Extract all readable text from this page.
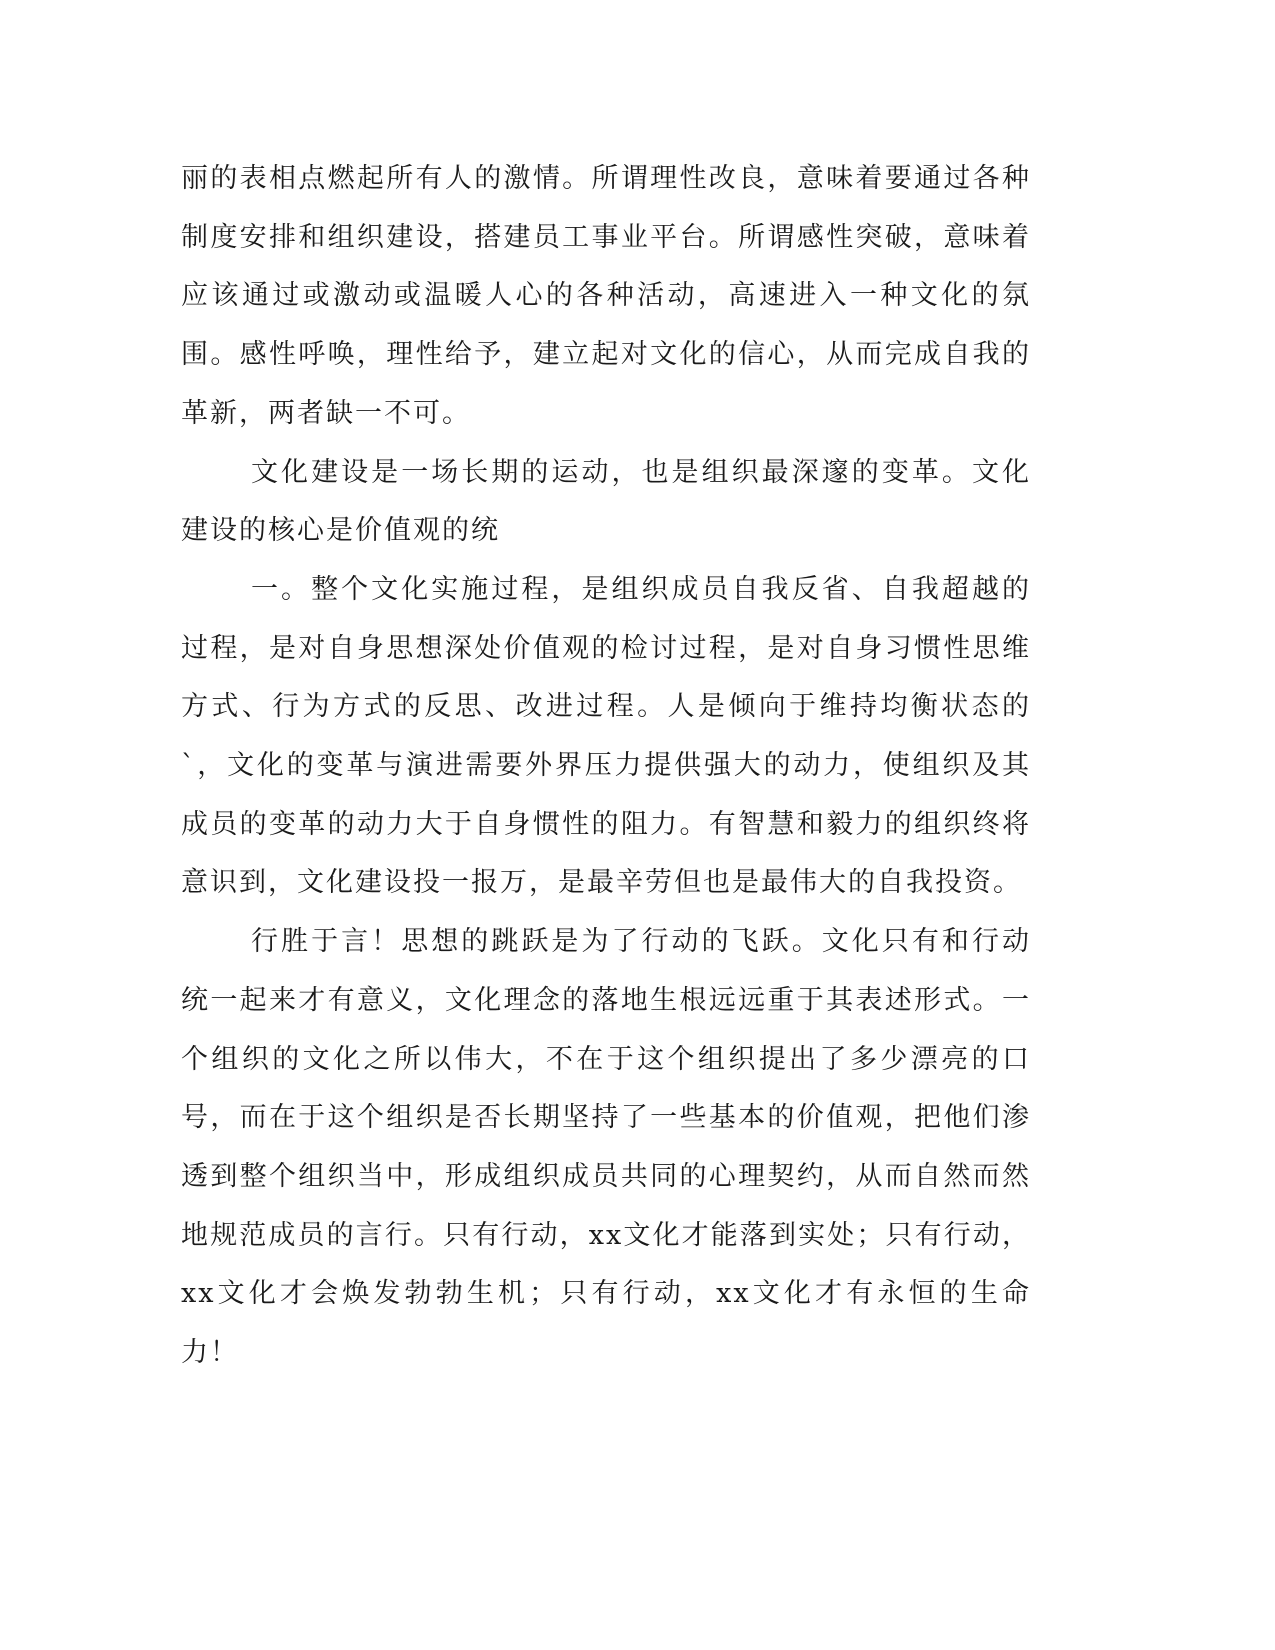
丽的表相点燃起所有人的激情。所谓理性改良，意味着要通过各种制度安排和组织建设，搭建员工事业平台。所谓感性突破，意味着应该通过或激动或温暖人心的各种活动，高速进入一种文化的氛围。感性呼唤，理性给予，建立起对文化的信心，从而完成自我的革新，两者缺一不可。

文化建设是一场长期的运动，也是组织最深邃的变革。文化建设的核心是价值观的统

一。整个文化实施过程，是组织成员自我反省、自我超越的过程，是对自身思想深处价值观的检讨过程，是对自身习惯性思维方式、行为方式的反思、改进过程。人是倾向于维持均衡状态的`，文化的变革与演进需要外界压力提供强大的动力，使组织及其成员的变革的动力大于自身惯性的阻力。有智慧和毅力的组织终将意识到，文化建设投一报万，是最辛劳但也是最伟大的自我投资。

行胜于言！思想的跳跃是为了行动的飞跃。文化只有和行动统一起来才有意义，文化理念的落地生根远远重于其表述形式。一个组织的文化之所以伟大，不在于这个组织提出了多少漂亮的口号，而在于这个组织是否长期坚持了一些基本的价值观，把他们渗透到整个组织当中，形成组织成员共同的心理契约，从而自然而然地规范成员的言行。只有行动，xx文化才能落到实处；只有行动，xx文化才会焕发勃勃生机；只有行动，xx文化才有永恒的生命力！
